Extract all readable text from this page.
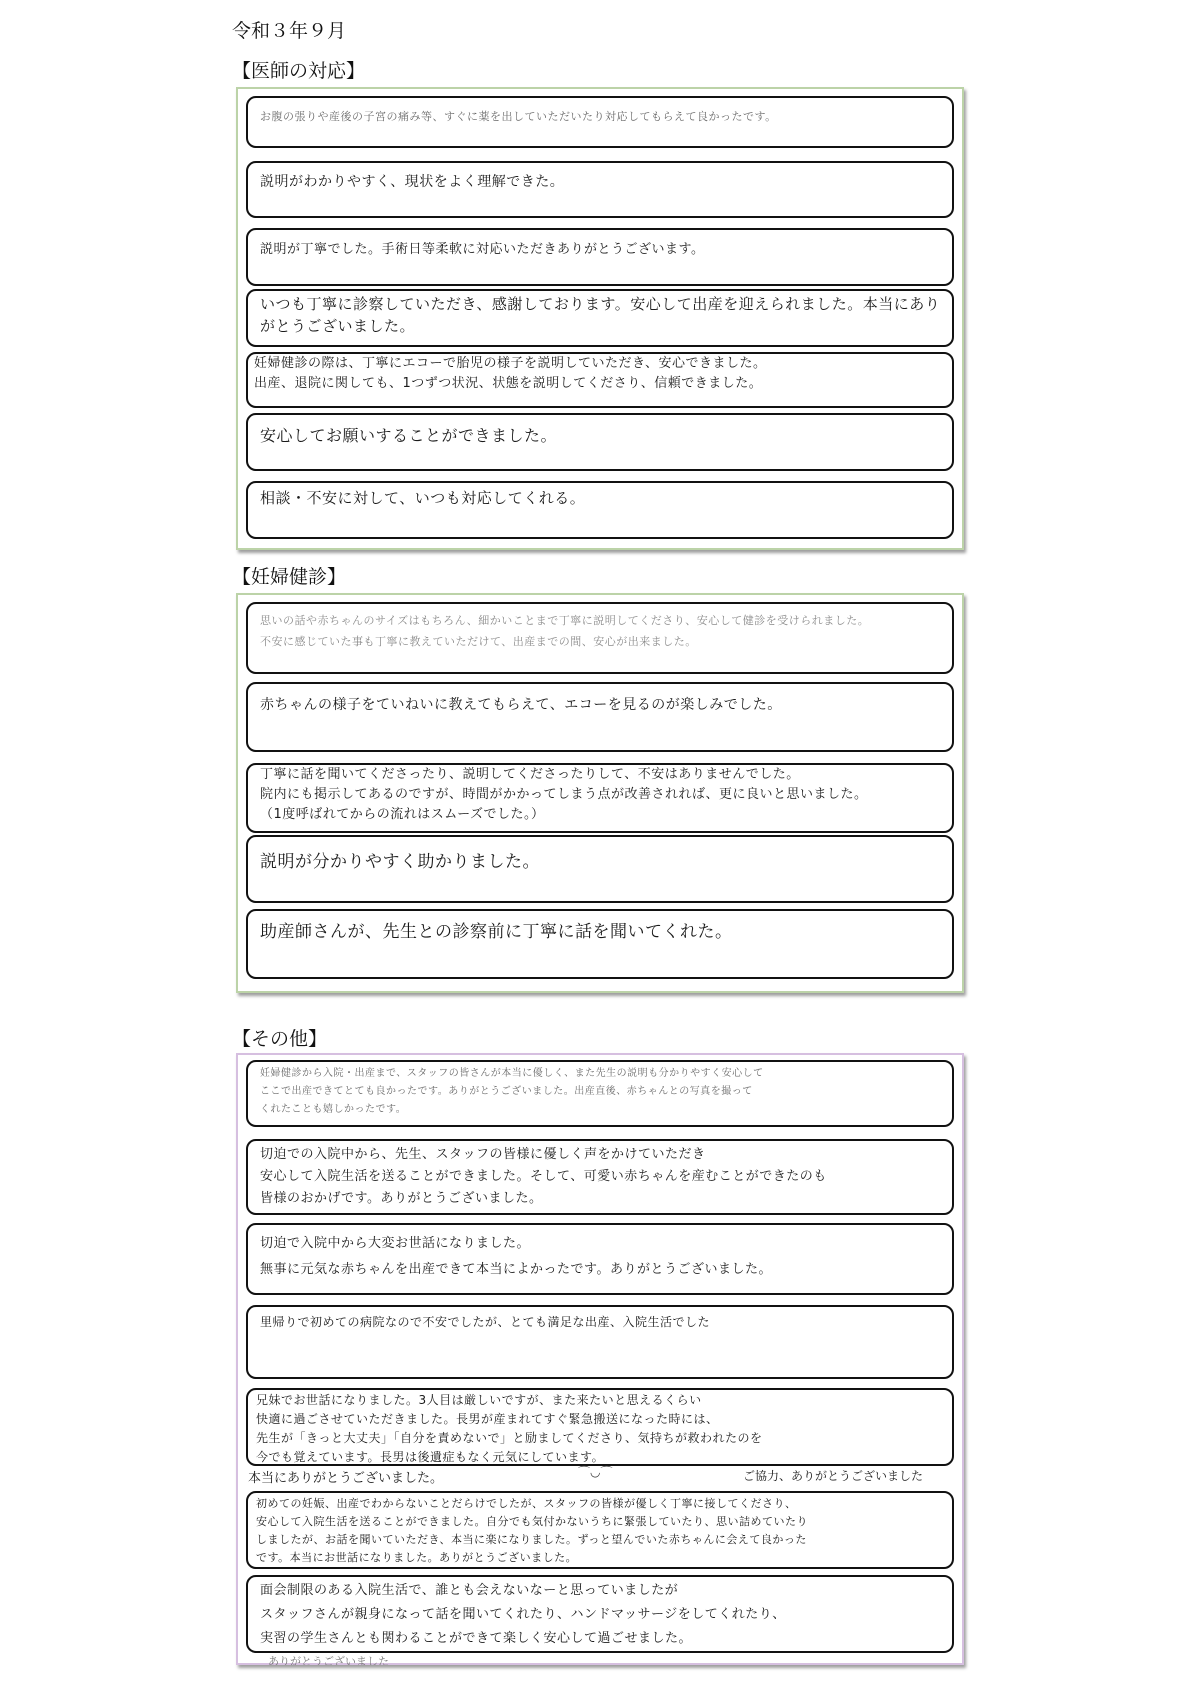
令和３年９月
【医師の対応】
お腹の張りや産後の子宮の痛み等、すぐに薬を出していただいたり対応してもらえて良かったです。
説明がわかりやすく、現状をよく理解できた。
説明が丁寧でした。手術日等柔軟に対応いただきありがとうございます。
いつも丁寧に診察していただき、感謝しております。安心して出産を迎えられました。本当にありがとうございました。
妊婦健診の際は、丁寧にエコーで胎児の様子を説明していただき、安心できました。
出産、退院に関しても、1つずつ状況、状態を説明してくださり、信頼できました。
安心してお願いすることができました。
相談・不安に対して、いつも対応してくれる。
【妊婦健診】
思いの話や赤ちゃんのサイズはもちろん、細かいことまで丁寧に説明してくださり、安心して健診を受けられました。
不安に感じていた事も丁寧に教えていただけて、出産までの間、安心が出来ました。
赤ちゃんの様子をていねいに教えてもらえて、エコーを見るのが楽しみでした。
丁寧に話を聞いてくださったり、説明してくださったりして、不安はありませんでした。
院内にも掲示してあるのですが、時間がかかってしまう点が改善されれば、更に良いと思いました。
（1度呼ばれてからの流れはスムーズでした。）
説明が分かりやすく助かりました。
助産師さんが、先生との診察前に丁寧に話を聞いてくれた。
【その他】
妊婦健診から入院・出産まで、スタッフの皆さんが本当に優しく、また先生の説明も分かりやすく安心して
ここで出産できてとても良かったです。ありがとうございました。出産直後、赤ちゃんとの写真を撮って
くれたことも嬉しかったです。
切迫での入院中から、先生、スタッフの皆様に優しく声をかけていただき
安心して入院生活を送ることができました。そして、可愛い赤ちゃんを産むことができたのも
皆様のおかげです。ありがとうございました。
切迫で入院中から大変お世話になりました。
無事に元気な赤ちゃんを出産できて本当によかったです。ありがとうございました。
里帰りで初めての病院なので不安でしたが、とても満足な出産、入院生活でした
兄妹でお世話になりました。3人目は厳しいですが、また来たいと思えるくらい
快適に過ごさせていただきました。長男が産まれてすぐ緊急搬送になった時には、
先生が「きっと大丈夫」「自分を責めないで」と励ましてくださり、気持ちが救われたのを
今でも覚えています。長男は後遺症もなく元気にしています。
本当にありがとうございました。	ご協力、ありがとうございました
⌒◡⌒
初めての妊娠、出産でわからないことだらけでしたが、スタッフの皆様が優しく丁寧に接してくださり、
安心して入院生活を送ることができました。自分でも気付かないうちに緊張していたり、思い詰めていたり
しましたが、お話を聞いていただき、本当に楽になりました。ずっと望んでいた赤ちゃんに会えて良かった
です。本当にお世話になりました。ありがとうございました。
面会制限のある入院生活で、誰とも会えないなーと思っていましたが
スタッフさんが親身になって話を聞いてくれたり、ハンドマッサージをしてくれたり、
実習の学生さんとも関わることができて楽しく安心して過ごせました。
ありがとうございました
